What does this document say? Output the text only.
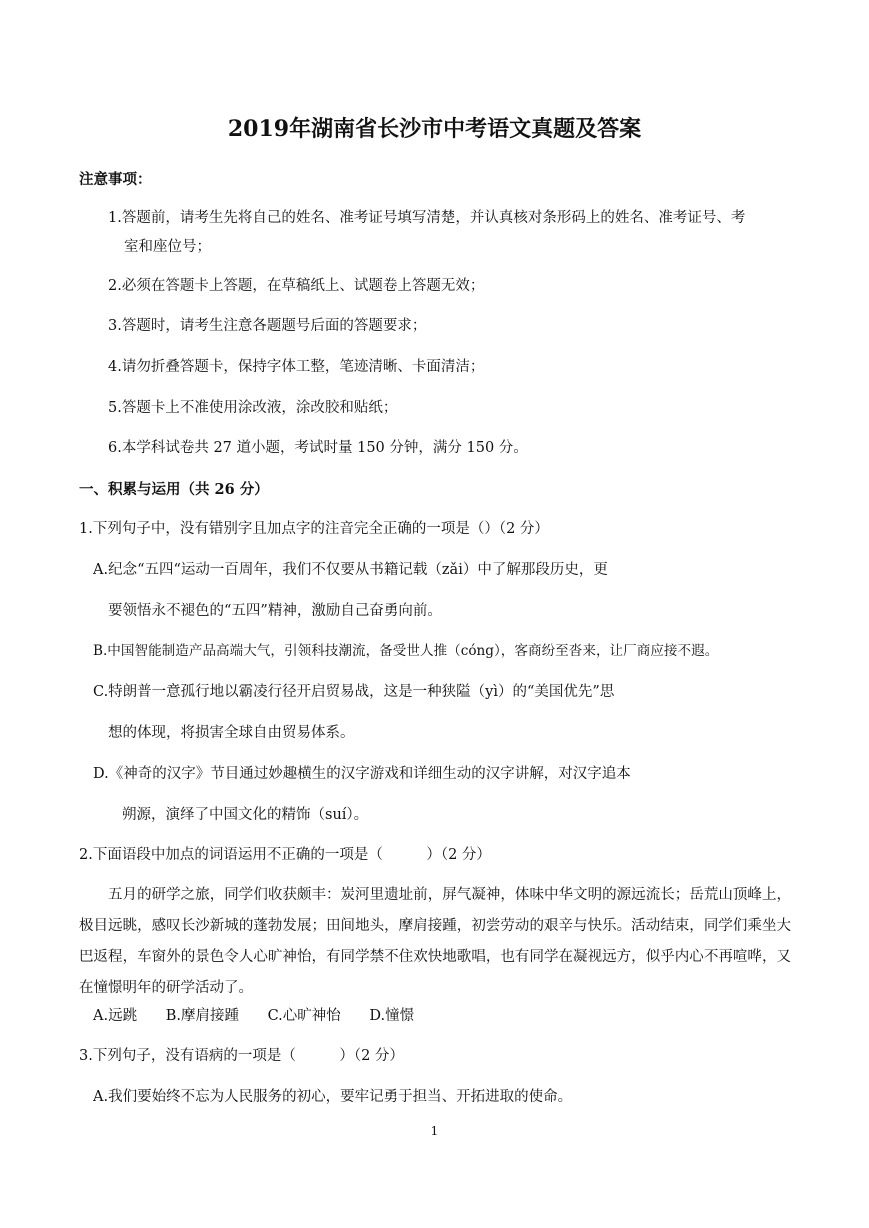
2019年湖南省长沙市中考语文真题及答案
注意事项：
1.答题前，请考生先将自己的姓名、准考证号填写清楚，并认真核对条形码上的姓名、准考证号、考
室和座位号；
2.必须在答题卡上答题，在草稿纸上、试题卷上答题无效；
3.答题时，请考生注意各题题号后面的答题要求；
4.请勿折叠答题卡，保持字体工整，笔迹清晰、卡面清洁；
5.答题卡上不准使用涂改液，涂改胶和贴纸；
6.本学科试卷共 27 道小题，考试时量 150 分钟，满分 150 分。
一、积累与运用（共 26 分）
1.下列句子中，没有错别字且加点字的注音完全正确的一项是（）（2 分）
A.纪念“五四“运动一百周年，我们不仅要从书籍记载（zǎi）中了解那段历史，更
要领悟永不褪色的“五四”精神，激励自己奋勇向前。
B.中国智能制造产品高端大气，引领科技潮流，备受世人推（cóng），客商纷至沓来，让厂商应接不遐。
C.特朗普一意孤行地以霸凌行径开启贸易战，这是一种狭隘（yì）的“美国优先”思
想的体现，将损害全球自由贸易体系。
D.《神奇的汉字》节目通过妙趣横生的汉字游戏和详细生动的汉字讲解，对汉字追本
朔源，演绎了中国文化的精饰（suí）。
2.下面语段中加点的词语运用不正确的一项是（　　　）（2 分）
五月的研学之旅，同学们收获颇丰：炭河里遗址前，屏气凝神，体味中华文明的源远流长；岳荒山顶峰上，极目远眺，感叹长沙新城的蓬勃发展；田间地头，摩肩接踵，初尝劳动的艰辛与快乐。活动结束，同学们乘坐大巴返程，车窗外的景色令人心旷神怡，有同学禁不住欢快地歌唱，也有同学在凝视远方，似乎内心不再喧哗，又在憧憬明年的研学活动了。
A.远跳 B.摩肩接踵 C.心旷神怡 D.憧憬
3.下列句子，没有语病的一项是（　　　）（2 分）
A.我们要始终不忘为人民服务的初心，要牢记勇于担当、开拓进取的使命。
1
